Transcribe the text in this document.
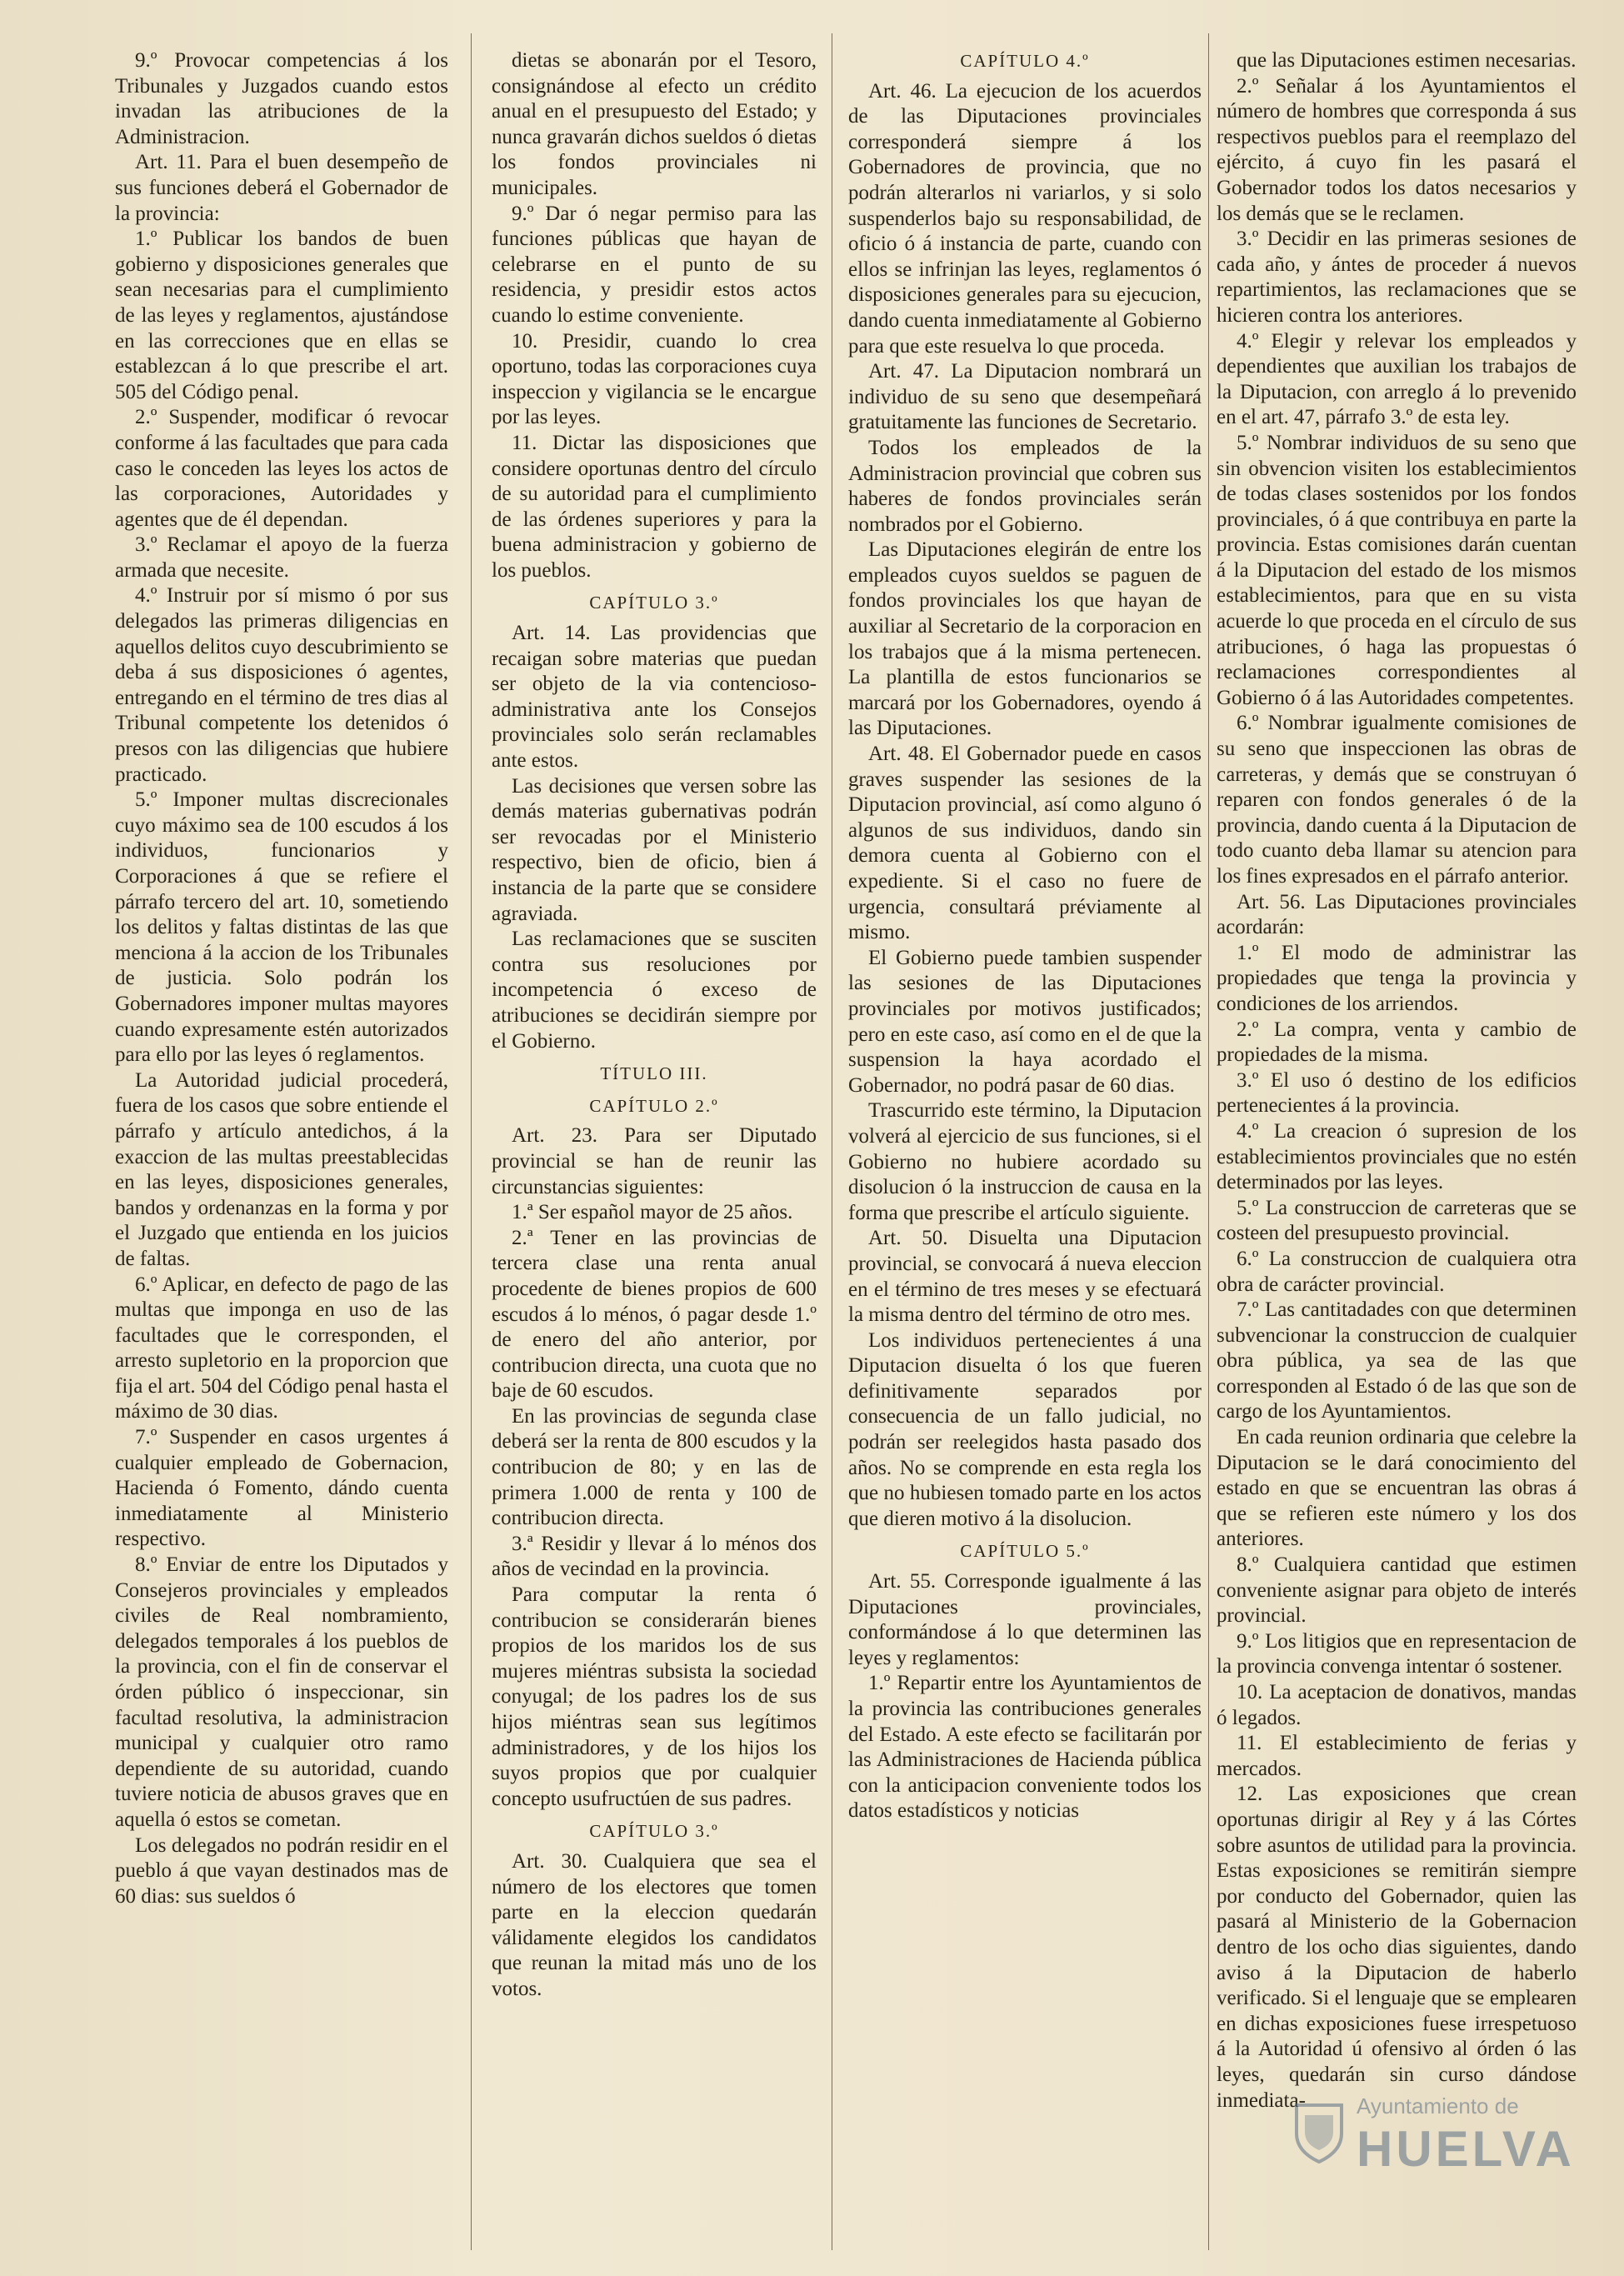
9.º Provocar competencias á los Tribunales y Juzgados cuando estos invadan las atribuciones de la Administracion.

Art. 11. Para el buen desempeño de sus funciones deberá el Gobernador de la provincia:

1.º Publicar los bandos de buen gobierno y disposiciones generales que sean necesarias para el cumplimiento de las leyes y reglamentos, ajustándose en las correcciones que en ellas se establezcan á lo que prescribe el art. 505 del Código penal.

2.º Suspender, modificar ó revocar conforme á las facultades que para cada caso le conceden las leyes los actos de las corporaciones, Autoridades y agentes que de él dependan.

3.º Reclamar el apoyo de la fuerza armada que necesite.

4.º Instruir por sí mismo ó por sus delegados las primeras diligencias en aquellos delitos cuyo descubrimiento se deba á sus disposiciones ó agentes, entregando en el término de tres dias al Tribunal competente los detenidos ó presos con las diligencias que hubiere practicado.

5.º Imponer multas discrecionales cuyo máximo sea de 100 escudos á los individuos, funcionarios y Corporaciones á que se refiere el párrafo tercero del art. 10, sometiendo los delitos y faltas distintas de las que menciona á la accion de los Tribunales de justicia. Solo podrán los Gobernadores imponer multas mayores cuando expresamente estén autorizados para ello por las leyes ó reglamentos.

La Autoridad judicial procederá, fuera de los casos que sobre entiende el párrafo y artículo antedichos, á la exaccion de las multas preestablecidas en las leyes, disposiciones generales, bandos y ordenanzas en la forma y por el Juzgado que entienda en los juicios de faltas.

6.º Aplicar, en defecto de pago de las multas que imponga en uso de las facultades que le corresponden, el arresto supletorio en la proporcion que fija el art. 504 del Código penal hasta el máximo de 30 dias.

7.º Suspender en casos urgentes á cualquier empleado de Gobernacion, Hacienda ó Fomento, dándo cuenta inmediatamente al Ministerio respectivo.

8.º Enviar de entre los Diputados y Consejeros provinciales y empleados civiles de Real nombramiento, delegados temporales á los pueblos de la provincia, con el fin de conservar el órden público ó inspeccionar, sin facultad resolutiva, la administracion municipal y cualquier otro ramo dependiente de su autoridad, cuando tuviere noticia de abusos graves que en aquella ó estos se cometan.

Los delegados no podrán residir en el pueblo á que vayan destinados mas de 60 dias: sus sueldos ó

dietas se abonarán por el Tesoro, consignándose al efecto un crédito anual en el presupuesto del Estado; y nunca gravarán dichos sueldos ó dietas los fondos provinciales ni municipales.

9.º Dar ó negar permiso para las funciones públicas que hayan de celebrarse en el punto de su residencia, y presidir estos actos cuando lo estime conveniente.

10. Presidir, cuando lo crea oportuno, todas las corporaciones cuya inspeccion y vigilancia se le encargue por las leyes.

11. Dictar las disposiciones que considere oportunas dentro del círculo de su autoridad para el cumplimiento de las órdenes superiores y para la buena administracion y gobierno de los pueblos.

CAPÍTULO 3.º

Art. 14. Las providencias que recaigan sobre materias que puedan ser objeto de la via contencioso-administrativa ante los Consejos provinciales solo serán reclamables ante estos.

Las decisiones que versen sobre las demás materias gubernativas podrán ser revocadas por el Ministerio respectivo, bien de oficio, bien á instancia de la parte que se considere agraviada.

Las reclamaciones que se susciten contra sus resoluciones por incompetencia ó exceso de atribuciones se decidirán siempre por el Gobierno.

TÍTULO III.
CAPÍTULO 2.º

Art. 23. Para ser Diputado provincial se han de reunir las circunstancias siguientes:

1.ª Ser español mayor de 25 años.

2.ª Tener en las provincias de tercera clase una renta anual procedente de bienes propios de 600 escudos á lo ménos, ó pagar desde 1.º de enero del año anterior, por contribucion directa, una cuota que no baje de 60 escudos.

En las provincias de segunda clase deberá ser la renta de 800 escudos y la contribucion de 80; y en las de primera 1.000 de renta y 100 de contribucion directa.

3.ª Residir y llevar á lo ménos dos años de vecindad en la provincia.

Para computar la renta ó contribucion se considerarán bienes propios de los maridos los de sus mujeres miéntras subsista la sociedad conyugal; de los padres los de sus hijos miéntras sean sus legítimos administradores, y de los hijos los suyos propios que por cualquier concepto usufructúen de sus padres.

CAPÍTULO 3.º

Art. 30. Cualquiera que sea el número de los electores que tomen parte en la eleccion quedarán válidamente elegidos los candidatos que reunan la mitad más uno de los votos.

CAPÍTULO 4.º

Art. 46. La ejecucion de los acuerdos de las Diputaciones provinciales corresponderá siempre á los Gobernadores de provincia, que no podrán alterarlos ni variarlos, y si solo suspenderlos bajo su responsabilidad, de oficio ó á instancia de parte, cuando con ellos se infrinjan las leyes, reglamentos ó disposiciones generales para su ejecucion, dando cuenta inmediatamente al Gobierno para que este resuelva lo que proceda.

Art. 47. La Diputacion nombrará un individuo de su seno que desempeñará gratuitamente las funciones de Secretario.

Todos los empleados de la Administracion provincial que cobren sus haberes de fondos provinciales serán nombrados por el Gobierno.

Las Diputaciones elegirán de entre los empleados cuyos sueldos se paguen de fondos provinciales los que hayan de auxiliar al Secretario de la corporacion en los trabajos que á la misma pertenecen. La plantilla de estos funcionarios se marcará por los Gobernadores, oyendo á las Diputaciones.

Art. 48. El Gobernador puede en casos graves suspender las sesiones de la Diputacion provincial, así como alguno ó algunos de sus individuos, dando sin demora cuenta al Gobierno con el expediente. Si el caso no fuere de urgencia, consultará préviamente al mismo.

El Gobierno puede tambien suspender las sesiones de las Diputaciones provinciales por motivos justificados; pero en este caso, así como en el de que la suspension la haya acordado el Gobernador, no podrá pasar de 60 dias.

Trascurrido este término, la Diputacion volverá al ejercicio de sus funciones, si el Gobierno no hubiere acordado su disolucion ó la instruccion de causa en la forma que prescribe el artículo siguiente.

Art. 50. Disuelta una Diputacion provincial, se convocará á nueva eleccion en el término de tres meses y se efectuará la misma dentro del término de otro mes.

Los individuos pertenecientes á una Diputacion disuelta ó los que fueren definitivamente separados por consecuencia de un fallo judicial, no podrán ser reelegidos hasta pasado dos años. No se comprende en esta regla los que no hubiesen tomado parte en los actos que dieren motivo á la disolucion.

CAPÍTULO 5.º

Art. 55. Corresponde igualmente á las Diputaciones provinciales, conformándose á lo que determinen las leyes y reglamentos:

1.º Repartir entre los Ayuntamientos de la provincia las contribuciones generales del Estado. A este efecto se facilitarán por las Administraciones de Hacienda pública con la anticipacion conveniente todos los datos estadísticos y noticias

que las Diputaciones estimen necesarias.

2.º Señalar á los Ayuntamientos el número de hombres que corresponda á sus respectivos pueblos para el reemplazo del ejército, á cuyo fin les pasará el Gobernador todos los datos necesarios y los demás que se le reclamen.

3.º Decidir en las primeras sesiones de cada año, y ántes de proceder á nuevos repartimientos, las reclamaciones que se hicieren contra los anteriores.

4.º Elegir y relevar los empleados y dependientes que auxilian los trabajos de la Diputacion, con arreglo á lo prevenido en el art. 47, párrafo 3.º de esta ley.

5.º Nombrar individuos de su seno que sin obvencion visiten los establecimientos de todas clases sostenidos por los fondos provinciales, ó á que contribuya en parte la provincia. Estas comisiones darán cuentan á la Diputacion del estado de los mismos establecimientos, para que en su vista acuerde lo que proceda en el círculo de sus atribuciones, ó haga las propuestas ó reclamaciones correspondientes al Gobierno ó á las Autoridades competentes.

6.º Nombrar igualmente comisiones de su seno que inspeccionen las obras de carreteras, y demás que se construyan ó reparen con fondos generales ó de la provincia, dando cuenta á la Diputacion de todo cuanto deba llamar su atencion para los fines expresados en el párrafo anterior.

Art. 56. Las Diputaciones provinciales acordarán:

1.º El modo de administrar las propiedades que tenga la provincia y condiciones de los arriendos.

2.º La compra, venta y cambio de propiedades de la misma.

3.º El uso ó destino de los edificios pertenecientes á la provincia.

4.º La creacion ó supresion de los establecimientos provinciales que no estén determinados por las leyes.

5.º La construccion de carreteras que se costeen del presupuesto provincial.

6.º La construccion de cualquiera otra obra de carácter provincial.

7.º Las cantitadades con que determinen subvencionar la construccion de cualquier obra pública, ya sea de las que corresponden al Estado ó de las que son de cargo de los Ayuntamientos.

En cada reunion ordinaria que celebre la Diputacion se le dará conocimiento del estado en que se encuentran las obras á que se refieren este número y los dos anteriores.

8.º Cualquiera cantidad que estimen conveniente asignar para objeto de interés provincial.

9.º Los litigios que en representacion de la provincia convenga intentar ó sostener.

10. La aceptacion de donativos, mandas ó legados.

11. El establecimiento de ferias y mercados.

12. Las exposiciones que crean oportunas dirigir al Rey y á las Córtes sobre asuntos de utilidad para la provincia. Estas exposiciones se remitirán siempre por conducto del Gobernador, quien las pasará al Ministerio de la Gobernacion dentro de los ocho dias siguientes, dando aviso á la Diputacion de haberlo verificado. Si el lenguaje que se emplearen en dichas exposiciones fuese irrespetuoso á la Autoridad ú ofensivo al órden ó las leyes, quedarán sin curso dándose inmediata-	Ayuntamiento de
HUELVA
